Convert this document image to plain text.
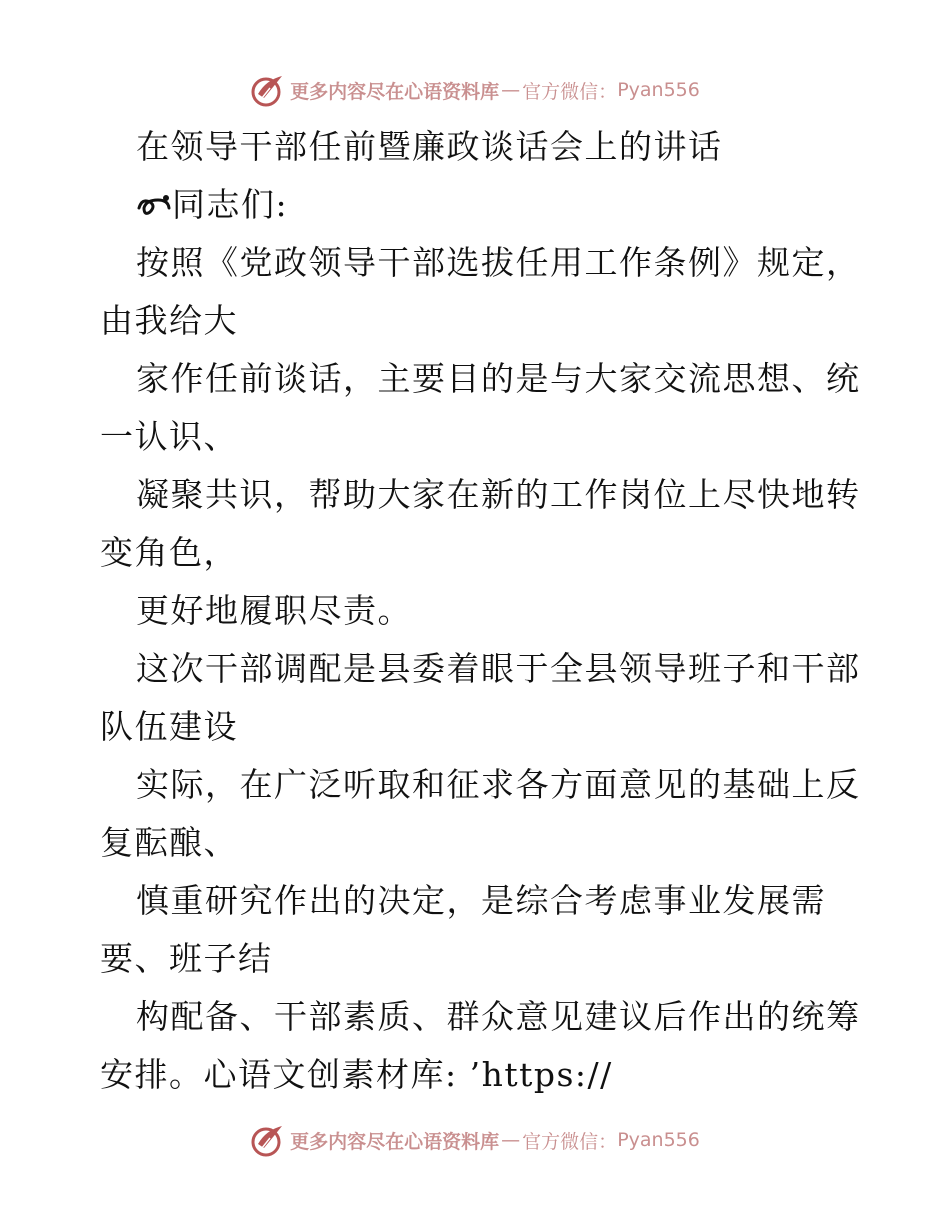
更多内容尽在心语资料库 — 官方微信： Pyan556
在领导干部任前暨廉政谈话会上的讲话
同志们:
按照《党政领导干部选拔任用工作条例》规定，
由我给大
家作任前谈话，主要目的是与大家交流思想、统
一认识、
凝聚共识，帮助大家在新的工作岗位上尽快地转
变角色，
更好地履职尽责。
这次干部调配是县委着眼于全县领导班子和干部
队伍建设
实际，在广泛听取和征求各方面意见的基础上反
复酝酿、
慎重研究作出的决定，是综合考虑事业发展需
要、班子结
构配备、干部素质、群众意见建议后作出的统筹
安排。心语文创素材库: ’https://
更多内容尽在心语资料库 — 官方微信： Pyan556
